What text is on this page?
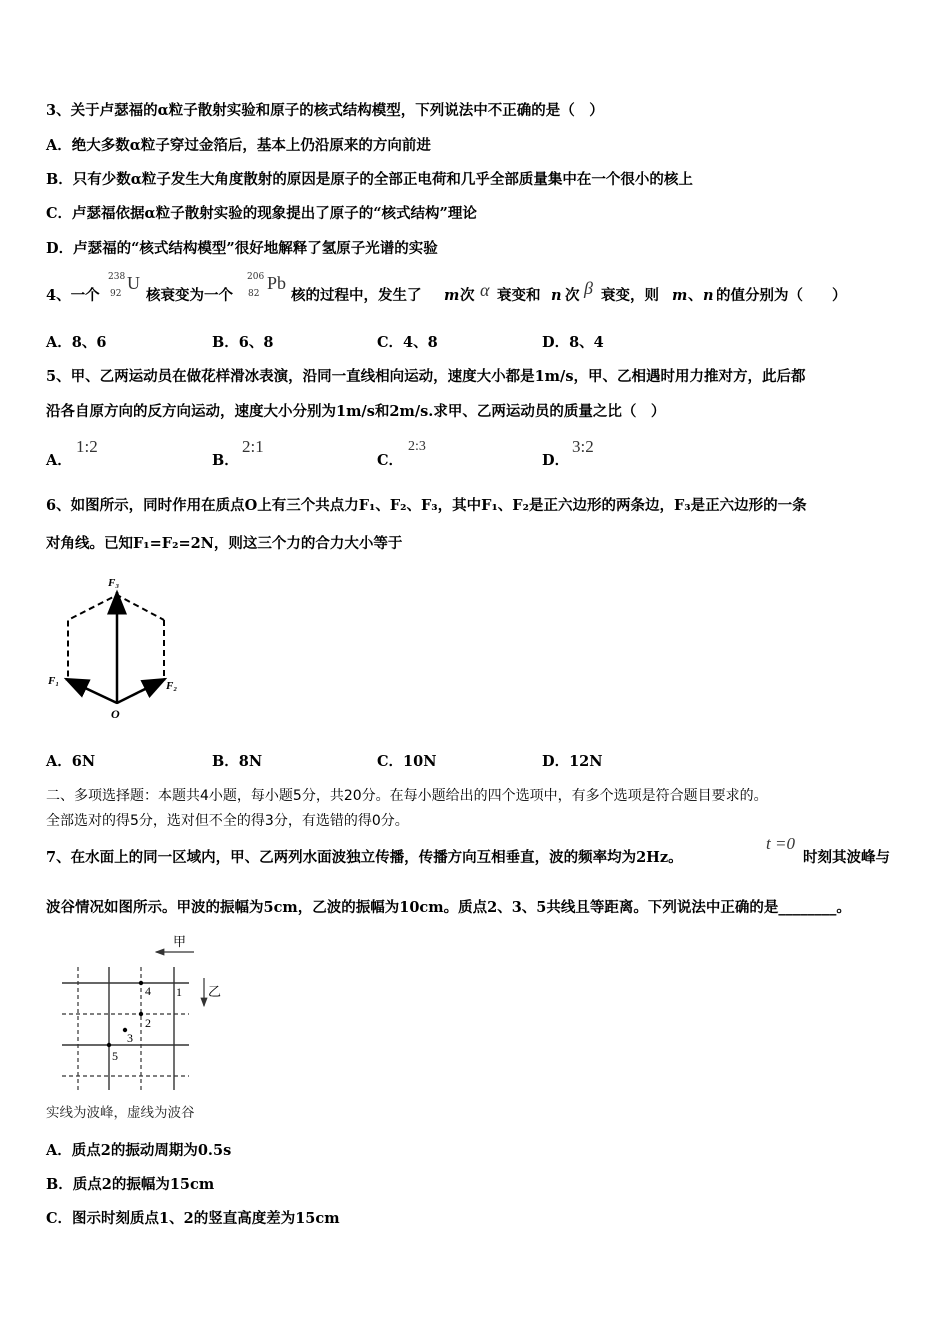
3、关于卢瑟福的α粒子散射实验和原子的核式结构模型，下列说法中不正确的是（　）
A．绝大多数α粒子穿过金箔后，基本上仍沿原来的方向前进
B．只有少数α粒子发生大角度散射的原因是原子的全部正电荷和几乎全部质量集中在一个很小的核上
C．卢瑟福依据α粒子散射实验的现象提出了原子的“核式结构”理论
D．卢瑟福的“核式结构模型”很好地解释了氢原子光谱的实验
4、一个
238
92
U
核衰变为一个
206
82
Pb
核的过程中，发生了 m 次 α 衰变和 n 次 β 衰变，则 m 、 n 的值分别为（　　）
A．8、6	B．6、8	C．4、8	D．8、4
5、甲、乙两运动员在做花样滑冰表演，沿同一直线相向运动，速度大小都是1m/s，甲、乙相遇时用力推对方，此后都
沿各自原方向的反方向运动，速度大小分别为1m/s和2m/s.求甲、乙两运动员的质量之比（　）
A．
1:2
B．
2:1
C．
2:3
D．
3:2
6、如图所示，同时作用在质点O上有三个共点力F₁、F₂、F₃，其中F₁、F₂是正六边形的两条边，F₃是正六边形的一条
对角线。已知F₁=F₂=2N，则这三个力的合力大小等于
F₃
F₁	F₂
O
A．6N	B．8N	C．10N	D．12N
二、多项选择题：本题共4小题，每小题5分，共20分。在每小题给出的四个选项中，有多个选项是符合题目要求的。
全部选对的得5分，选对但不全的得3分，有选错的得0分。
7、在水面上的同一区域内，甲、乙两列水面波独立传播，传播方向互相垂直，波的频率均为2Hz。
t =0
时刻其波峰与
波谷情况如图所示。甲波的振幅为5cm，乙波的振幅为10cm。质点2、3、5共线且等距离。下列说法中正确的是________。
甲
乙
4 1
2
3
5
实线为波峰，虚线为波谷
A．质点2的振动周期为0.5s
B．质点2的振幅为15cm
C．图示时刻质点1、2的竖直高度差为15cm
